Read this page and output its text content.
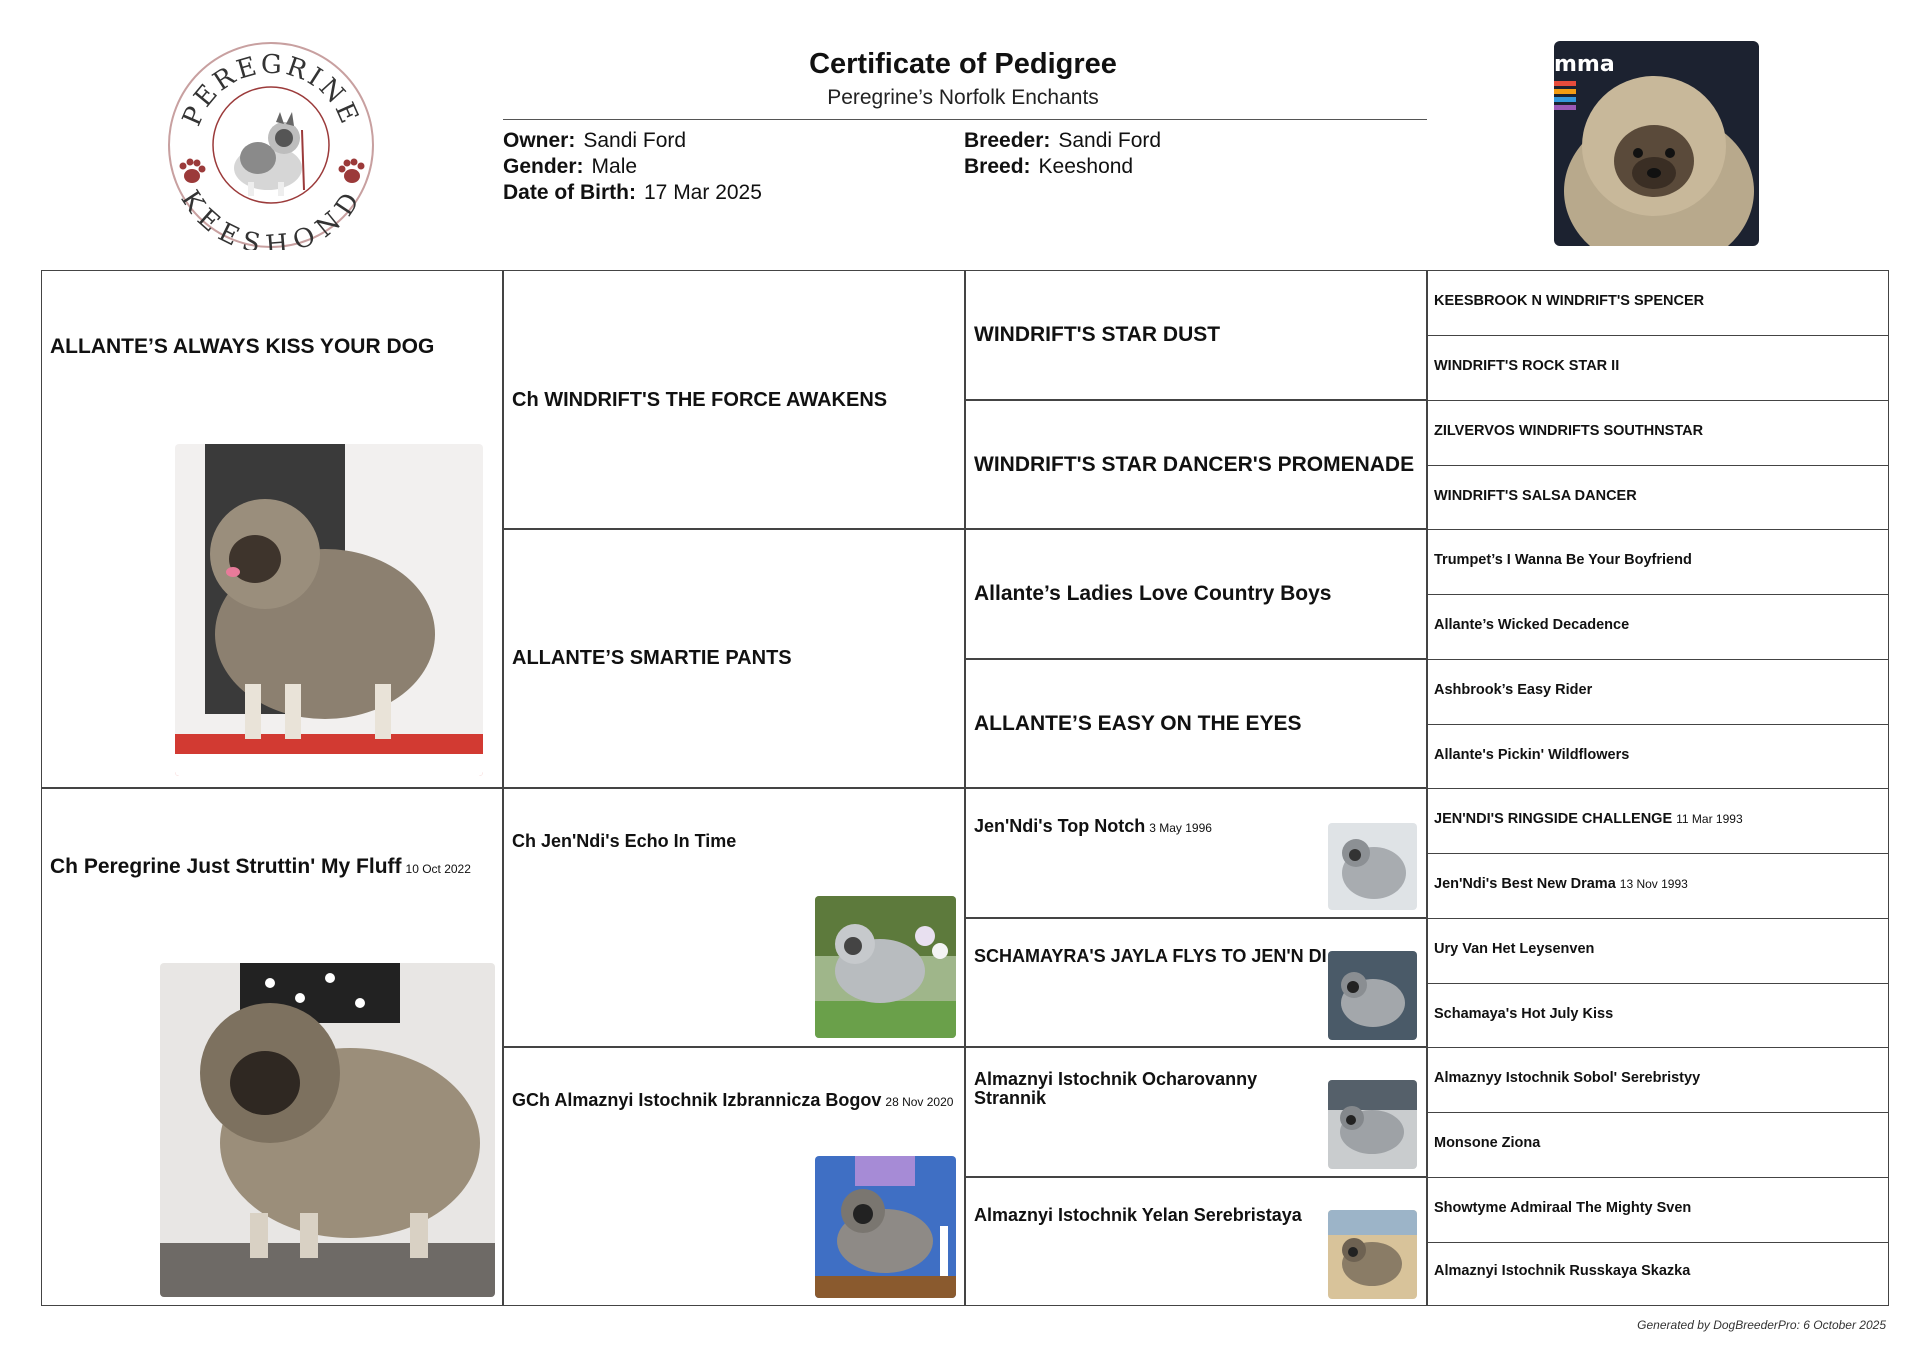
PEREGRINE
KEESHOND
Certificate of Pedigree
Peregrine’s Norfolk Enchants
Owner: Sandi Ford
Gender: Male
Date of Birth: 17 Mar 2025
Breeder: Sandi Ford
Breed: Keeshond
mma
ALLANTE’S ALWAYS KISS YOUR DOG
Ch Peregrine Just Struttin' My Fluff 10 Oct 2022
Ch WINDRIFT'S THE FORCE AWAKENS
ALLANTE’S SMARTIE PANTS
Ch Jen'Ndi's Echo In Time
GCh Almaznyi Istochnik Izbrannicza Bogov 28 Nov 2020
WINDRIFT'S STAR DUST
WINDRIFT'S STAR DANCER'S PROMENADE
Allante’s Ladies Love Country Boys
ALLANTE’S EASY ON THE EYES
Jen'Ndi's Top Notch 3 May 1996
SCHAMAYRA'S JAYLA FLYS TO JEN'N DI
Almaznyi Istochnik Ocharovanny Strannik
Almaznyi Istochnik Yelan Serebristaya
KEESBROOK N WINDRIFT'S SPENCER
WINDRIFT'S ROCK STAR II
ZILVERVOS WINDRIFTS SOUTHNSTAR
WINDRIFT'S SALSA DANCER
Trumpet’s I Wanna Be Your Boyfriend
Allante’s Wicked Decadence
Ashbrook’s Easy Rider
Allante's Pickin' Wildflowers
JEN'NDI'S RINGSIDE CHALLENGE 11 Mar 1993
Jen'Ndi's Best New Drama 13 Nov 1993
Ury Van Het Leysenven
Schamaya's Hot July Kiss
Almaznyy Istochnik Sobol' Serebristyy
Monsone Ziona
Showtyme Admiraal The Mighty Sven
Almaznyi Istochnik Russkaya Skazka
Generated by DogBreederPro: 6 October 2025
